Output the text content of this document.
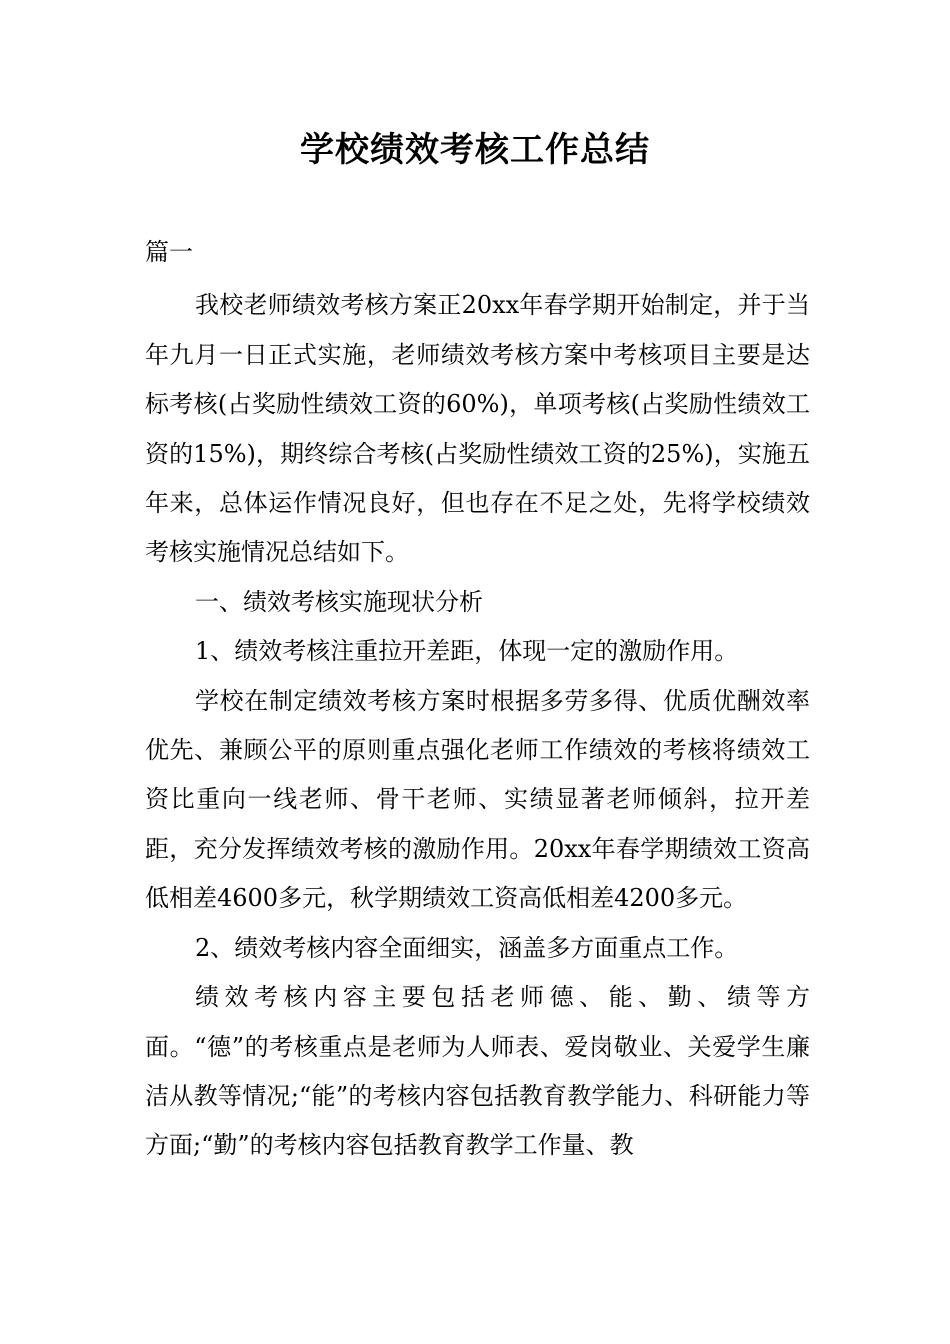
学校绩效考核工作总结

篇一

我校老师绩效考核方案正20xx年春学期开始制定，并于当年九月一日正式实施，老师绩效考核方案中考核项目主要是达标考核(占奖励性绩效工资的60%)，单项考核(占奖励性绩效工资的15%)，期终综合考核(占奖励性绩效工资的25%)，实施五年来，总体运作情况良好，但也存在不足之处，先将学校绩效考核实施情况总结如下。

一、绩效考核实施现状分析

1、绩效考核注重拉开差距，体现一定的激励作用。

学校在制定绩效考核方案时根据多劳多得、优质优酬效率优先、兼顾公平的原则重点强化老师工作绩效的考核将绩效工资比重向一线老师、骨干老师、实绩显著老师倾斜，拉开差距，充分发挥绩效考核的激励作用。20xx年春学期绩效工资高低相差4600多元，秋学期绩效工资高低相差4200多元。

2、绩效考核内容全面细实，涵盖多方面重点工作。

绩效考核内容主要包括老师德、能、勤、绩等方面。“德”的考核重点是老师为人师表、爱岗敬业、关爱学生廉洁从教等情况;“能”的考核内容包括教育教学能力、科研能力等方面;“勤”的考核内容包括教育教学工作量、教
